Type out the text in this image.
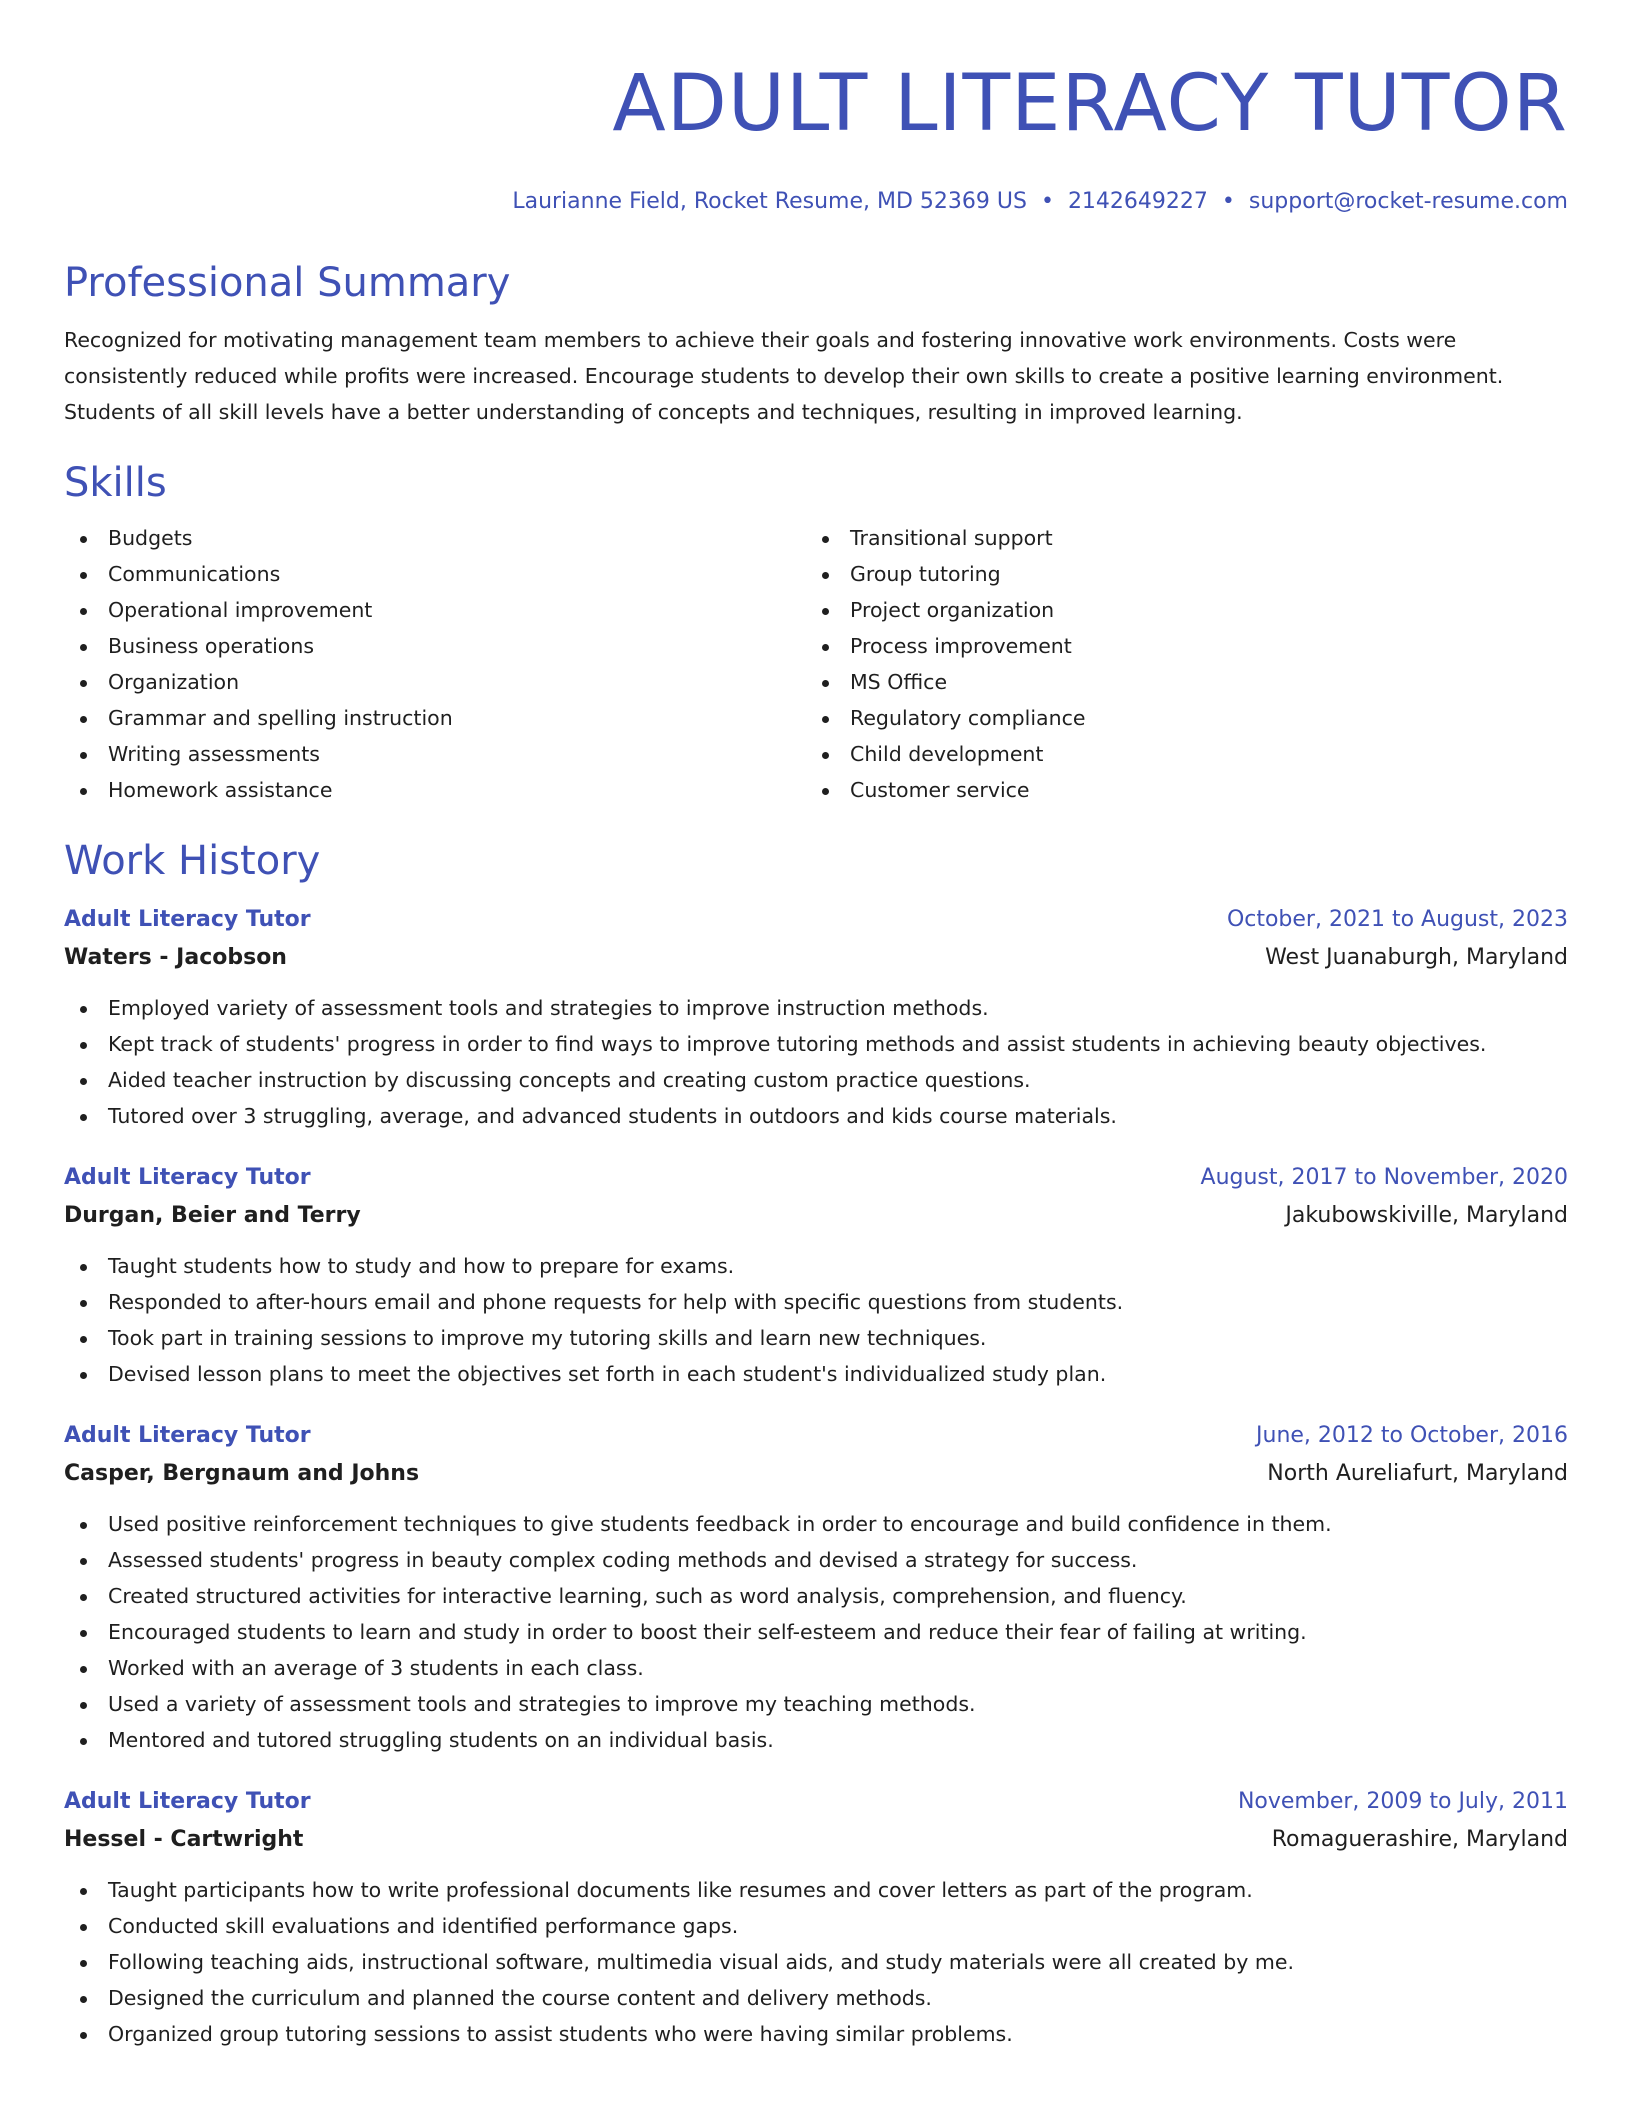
ADULT LITERACY TUTOR
Laurianne Field, Rocket Resume, MD 52369 US • 2142649227 • support@rocket-resume.com
Professional Summary
Recognized for motivating management team members to achieve their goals and fostering innovative work environments. Costs were consistently reduced while profits were increased. Encourage students to develop their own skills to create a positive learning environment. Students of all skill levels have a better understanding of concepts and techniques, resulting in improved learning.
Skills
Budgets
Communications
Operational improvement
Business operations
Organization
Grammar and spelling instruction
Writing assessments
Homework assistance
Transitional support
Group tutoring
Project organization
Process improvement
MS Office
Regulatory compliance
Child development
Customer service
Work History
Adult Literacy Tutor	October, 2021 to August, 2023
Waters - Jacobson	West Juanaburgh, Maryland
Employed variety of assessment tools and strategies to improve instruction methods.
Kept track of students' progress in order to find ways to improve tutoring methods and assist students in achieving beauty objectives.
Aided teacher instruction by discussing concepts and creating custom practice questions.
Tutored over 3 struggling, average, and advanced students in outdoors and kids course materials.
Adult Literacy Tutor	August, 2017 to November, 2020
Durgan, Beier and Terry	Jakubowskiville, Maryland
Taught students how to study and how to prepare for exams.
Responded to after-hours email and phone requests for help with specific questions from students.
Took part in training sessions to improve my tutoring skills and learn new techniques.
Devised lesson plans to meet the objectives set forth in each student's individualized study plan.
Adult Literacy Tutor	June, 2012 to October, 2016
Casper, Bergnaum and Johns	North Aureliafurt, Maryland
Used positive reinforcement techniques to give students feedback in order to encourage and build confidence in them.
Assessed students' progress in beauty complex coding methods and devised a strategy for success.
Created structured activities for interactive learning, such as word analysis, comprehension, and fluency.
Encouraged students to learn and study in order to boost their self-esteem and reduce their fear of failing at writing.
Worked with an average of 3 students in each class.
Used a variety of assessment tools and strategies to improve my teaching methods.
Mentored and tutored struggling students on an individual basis.
Adult Literacy Tutor	November, 2009 to July, 2011
Hessel - Cartwright	Romaguerashire, Maryland
Taught participants how to write professional documents like resumes and cover letters as part of the program.
Conducted skill evaluations and identified performance gaps.
Following teaching aids, instructional software, multimedia visual aids, and study materials were all created by me.
Designed the curriculum and planned the course content and delivery methods.
Organized group tutoring sessions to assist students who were having similar problems.
